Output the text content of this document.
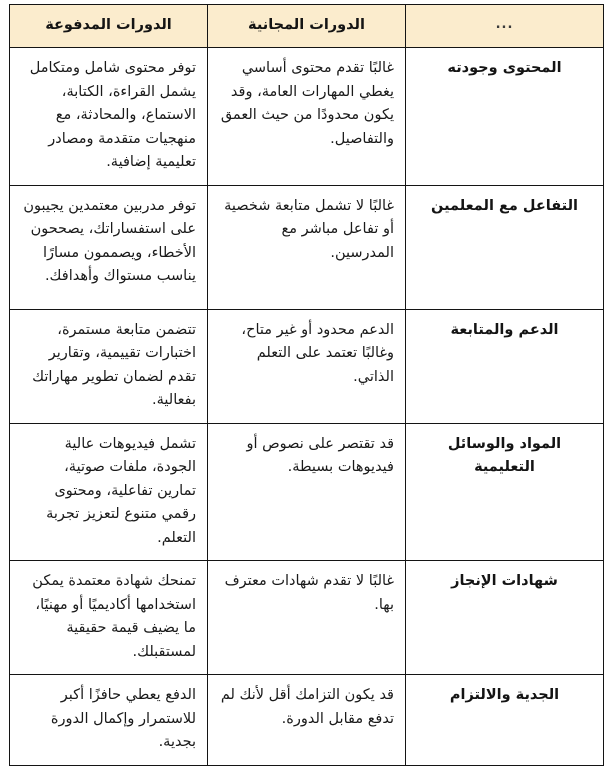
...	الدورات المجانية	الدورات المدفوعة
المحتوى وجودته	غالبًا تقدم محتوى أساسي يغطي المهارات العامة، وقد يكون محدودًا من حيث العمق والتفاصيل.	توفر محتوى شامل ومتكامل يشمل القراءة، الكتابة، الاستماع، والمحادثة، مع منهجيات متقدمة ومصادر تعليمية إضافية.
التفاعل مع المعلمين	غالبًا لا تشمل متابعة شخصية أو تفاعل مباشر مع المدرسين.	توفر مدربين معتمدين يجيبون على استفساراتك، يصححون الأخطاء، ويصممون مسارًا يناسب مستواك وأهدافك.
الدعم والمتابعة	الدعم محدود أو غير متاح، وغالبًا تعتمد على التعلم الذاتي.	تتضمن متابعة مستمرة، اختبارات تقييمية، وتقارير تقدم لضمان تطوير مهاراتك بفعالية.
المواد والوسائل التعليمية	قد تقتصر على نصوص أو فيديوهات بسيطة.	تشمل فيديوهات عالية الجودة، ملفات صوتية، تمارين تفاعلية، ومحتوى رقمي متنوع لتعزيز تجربة التعلم.
شهادات الإنجاز	غالبًا لا تقدم شهادات معترف بها.	تمنحك شهادة معتمدة يمكن استخدامها أكاديميًا أو مهنيًا، ما يضيف قيمة حقيقية لمستقبلك.
الجدية والالتزام	قد يكون التزامك أقل لأنك لم تدفع مقابل الدورة.	الدفع يعطي حافزًا أكبر للاستمرار وإكمال الدورة بجدية.
